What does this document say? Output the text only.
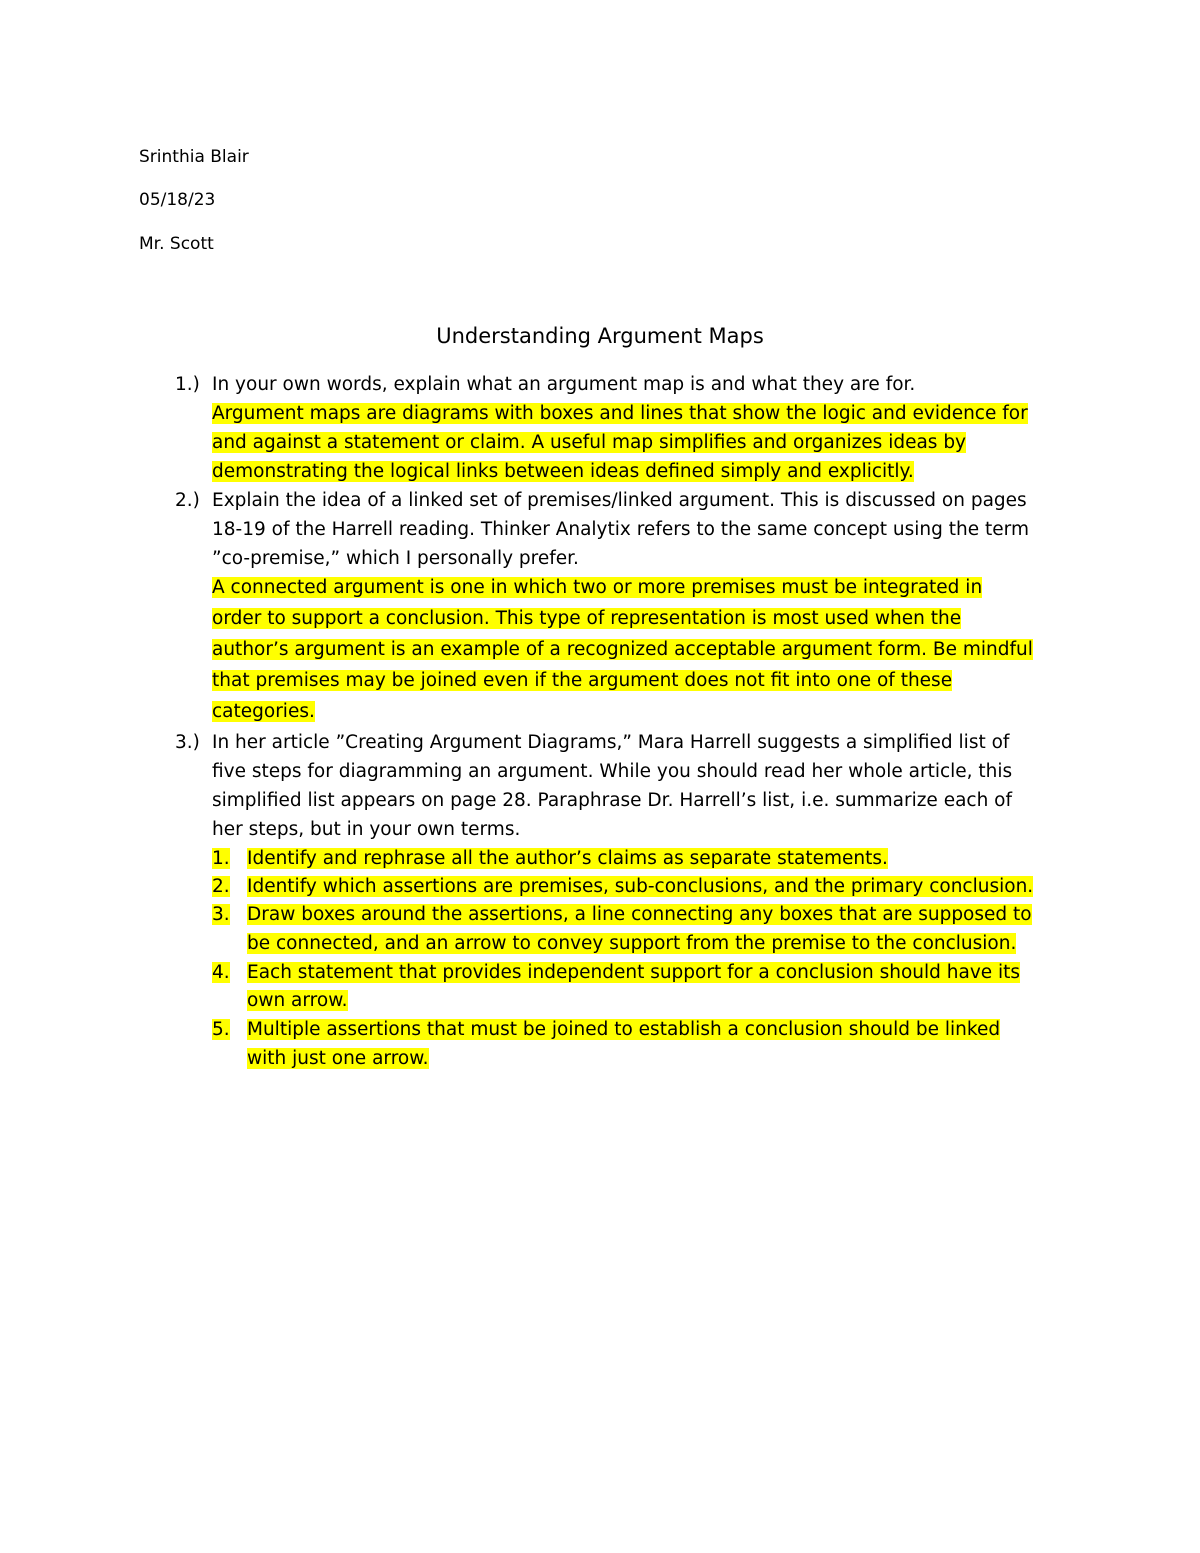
Srinthia Blair
05/18/23
Mr. Scott
Understanding Argument Maps
1.) In your own words, explain what an argument map is and what they are for.
Argument maps are diagrams with boxes and lines that show the logic and evidence for
and against a statement or claim. A useful map simplifies and organizes ideas by
demonstrating the logical links between ideas defined simply and explicitly.
2.) Explain the idea of a linked set of premises/linked argument. This is discussed on pages
18-19 of the Harrell reading. Thinker Analytix refers to the same concept using the term
”co-premise,” which I personally prefer.
A connected argument is one in which two or more premises must be integrated in
order to support a conclusion. This type of representation is most used when the
author’s argument is an example of a recognized acceptable argument form. Be mindful
that premises may be joined even if the argument does not fit into one of these
categories.
3.) In her article ”Creating Argument Diagrams,” Mara Harrell suggests a simplified list of
five steps for diagramming an argument. While you should read her whole article, this
simplified list appears on page 28. Paraphrase Dr. Harrell’s list, i.e. summarize each of
her steps, but in your own terms.
1. Identify and rephrase all the author’s claims as separate statements.
2. Identify which assertions are premises, sub-conclusions, and the primary conclusion.
3. Draw boxes around the assertions, a line connecting any boxes that are supposed to
be connected, and an arrow to convey support from the premise to the conclusion.
4. Each statement that provides independent support for a conclusion should have its
own arrow.
5. Multiple assertions that must be joined to establish a conclusion should be linked
with just one arrow.
